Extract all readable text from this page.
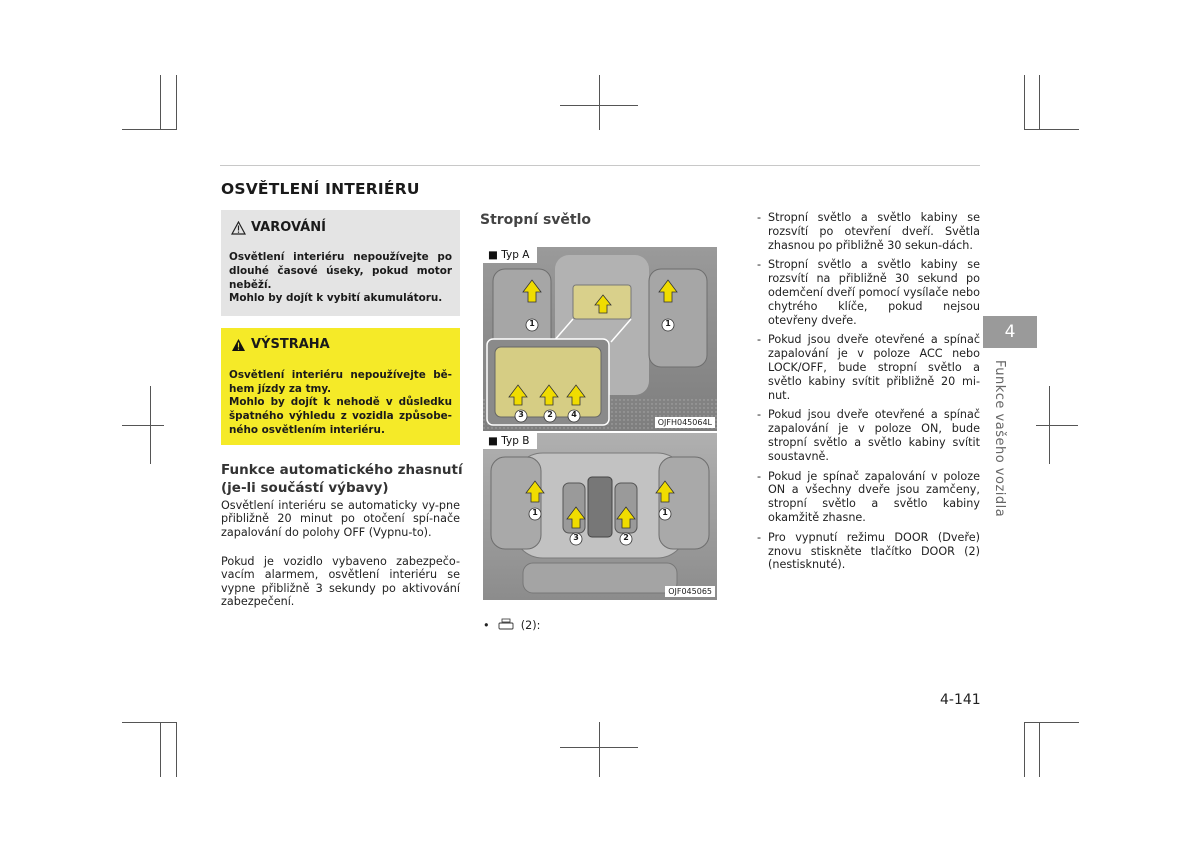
OSVĚTLENÍ INTERIÉRU
VAROVÁNÍ
Osvětlení interiéru nepoužívejte po dlouhé časové úseky, pokud motor neběží.
Mohlo by dojít k vybití akumulátoru.
VÝSTRAHA
Osvětlení interiéru nepoužívejte bě-hem jízdy za tmy.
Mohlo by dojít k nehodě v důsledku špatného výhledu z vozidla způsobe-ného osvětlením interiéru.
Funkce automatického zhasnutí (je-li součástí výbavy)
Osvětlení interiéru se automaticky vy-pne přibližně 20 minut po otočení spí-nače zapalování do polohy OFF (Vypnu-to).
Pokud je vozidlo vybaveno zabezpečo-vacím alarmem, osvětlení interiéru se vypne přibližně 3 sekundy po aktivování zabezpečení.
Stropní světlo
1	1
3	2	4
■ Typ A
OJFH045064L
1	1
3	2
■ Typ B
OJF045065
•	(2):
- Stropní světlo a světlo kabiny se rozsvítí po otevření dveří. Světla zhasnou po přibližně 30 sekun-dách.
- Stropní světlo a světlo kabiny se rozsvítí na přibližně 30 sekund po odemčení dveří pomocí vysílače nebo chytrého klíče, pokud nejsou otevřeny dveře.
- Pokud jsou dveře otevřené a spínač zapalování je v poloze ACC nebo LOCK/OFF, bude stropní světlo a světlo kabiny svítit přibližně 20 mi-nut.
- Pokud jsou dveře otevřené a spínač zapalování je v poloze ON, bude stropní světlo a světlo kabiny svítit soustavně.
- Pokud je spínač zapalování v poloze ON a všechny dveře jsou zamčeny, stropní světlo a světlo kabiny okamžitě zhasne.
- Pro vypnutí režimu DOOR (Dveře) znovu stiskněte tlačítko DOOR (2) (nestisknuté).
4
Funkce vašeho vozidla
4-141
